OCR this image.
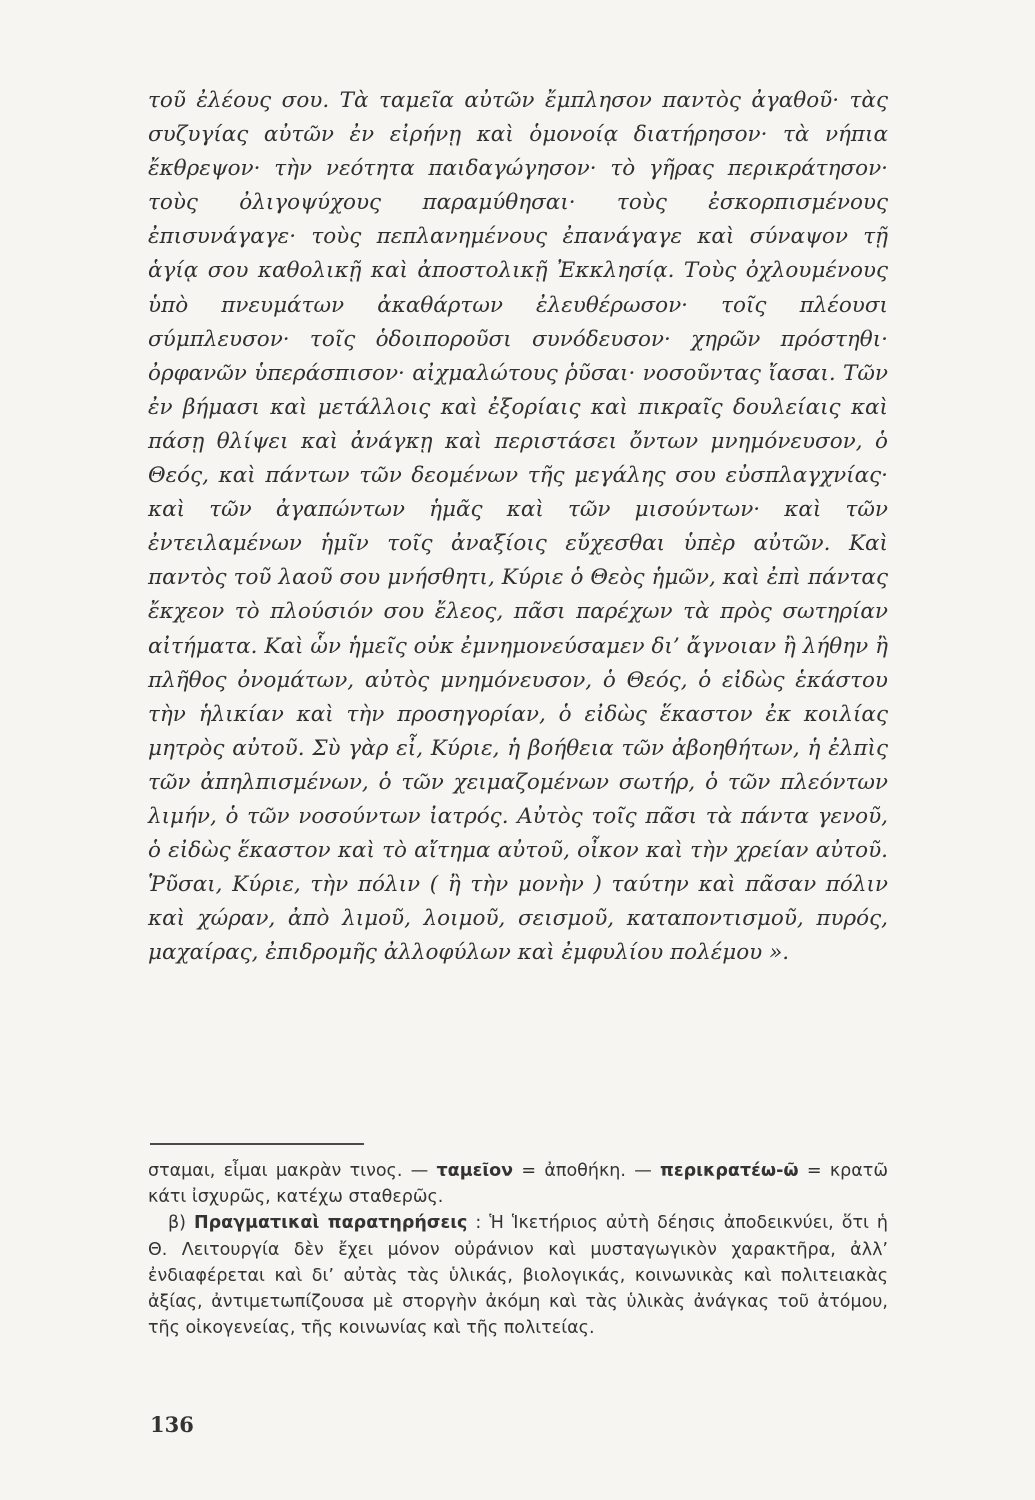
τοῦ ἐλέους σου. Τὰ ταμεῖα αὐτῶν ἔμπλησον παντὸς ἀγαθοῦ· τὰς συζυγίας αὐτῶν ἐν εἰρήνῃ καὶ ὁμονοίᾳ διατήρησον· τὰ νήπια ἔκθρεψον· τὴν νεότητα παιδαγώγησον· τὸ γῆρας περικράτησον· τοὺς ὀλιγοψύχους παραμύθησαι· τοὺς ἐσκορπισμένους ἐπισυνάγαγε· τοὺς πεπλανημένους ἐπανάγαγε καὶ σύναψον τῇ ἁγίᾳ σου καθολικῇ καὶ ἀποστολικῇ Ἐκκλησίᾳ. Τοὺς ὀχλουμένους ὑπὸ πνευμάτων ἀκαθάρτων ἐλευθέρωσον· τοῖς πλέουσι σύμπλευσον· τοῖς ὁδοιποροῦσι συνόδευσον· χηρῶν πρόστηθι· ὀρφανῶν ὑπεράσπισον· αἰχμαλώτους ῥῦσαι· νοσοῦντας ἴασαι. Τῶν ἐν βήμασι καὶ μετάλλοις καὶ ἐξορίαις καὶ πικραῖς δουλείαις καὶ πάσῃ θλίψει καὶ ἀνάγκῃ καὶ περιστάσει ὄντων μνημόνευσον, ὁ Θεός, καὶ πάντων τῶν δεομένων τῆς μεγάλης σου εὐσπλαγχνίας· καὶ τῶν ἀγαπώντων ἡμᾶς καὶ τῶν μισούντων· καὶ τῶν ἐντειλαμένων ἡμῖν τοῖς ἀναξίοις εὔχεσθαι ὑπὲρ αὐτῶν. Καὶ παντὸς τοῦ λαοῦ σου μνήσθητι, Κύριε ὁ Θεὸς ἡμῶν, καὶ ἐπὶ πάντας ἔκχεον τὸ πλούσιόν σου ἔλεος, πᾶσι παρέχων τὰ πρὸς σωτηρίαν αἰτήματα. Καὶ ὧν ἡμεῖς οὐκ ἐμνημονεύσαμεν δι’ ἄγνοιαν ἢ λήθην ἢ πλῆθος ὀνομάτων, αὐτὸς μνημόνευσον, ὁ Θεός, ὁ εἰδὼς ἑκάστου τὴν ἡλικίαν καὶ τὴν προσηγορίαν, ὁ εἰδὼς ἕκαστον ἐκ κοιλίας μητρὸς αὐτοῦ. Σὺ γὰρ εἶ, Κύριε, ἡ βοήθεια τῶν ἀβοηθήτων, ἡ ἐλπὶς τῶν ἀπηλπισμένων, ὁ τῶν χειμαζομένων σωτήρ, ὁ τῶν πλεόντων λιμήν, ὁ τῶν νοσούντων ἰατρός. Αὐτὸς τοῖς πᾶσι τὰ πάντα γενοῦ, ὁ εἰδὼς ἕκαστον καὶ τὸ αἴτημα αὐτοῦ, οἶκον καὶ τὴν χρείαν αὐτοῦ. Ῥῦσαι, Κύριε, τὴν πόλιν ( ἢ τὴν μονὴν ) ταύτην καὶ πᾶσαν πόλιν καὶ χώραν, ἀπὸ λιμοῦ, λοιμοῦ, σεισμοῦ, καταποντισμοῦ, πυρός, μαχαίρας, ἐπιδρομῆς ἀλλοφύλων καὶ ἐμφυλίου πολέμου ».

σταμαι, εἶμαι μακρὰν τινος. — ταμεῖον = ἀποθήκη. — περικρατέω-ῶ = κρατῶ κάτι ἰσχυρῶς, κατέχω σταθερῶς.

β) Πραγματικαὶ παρατηρήσεις : Ἡ Ἱκετήριος αὐτὴ δέησις ἀποδεικνύει, ὅτι ἡ Θ. Λειτουργία δὲν ἔχει μόνον οὐράνιον καὶ μυσταγωγικὸν χαρακτῆρα, ἀλλ’ ἐνδιαφέρεται καὶ δι’ αὐτὰς τὰς ὑλικάς, βιολογικάς, κοινωνικὰς καὶ πολιτειακὰς ἀξίας, ἀντιμετωπίζουσα μὲ στοργὴν ἀκόμη καὶ τὰς ὑλικὰς ἀνάγκας τοῦ ἀτόμου, τῆς οἰκογενείας, τῆς κοινωνίας καὶ τῆς πολιτείας.

136
